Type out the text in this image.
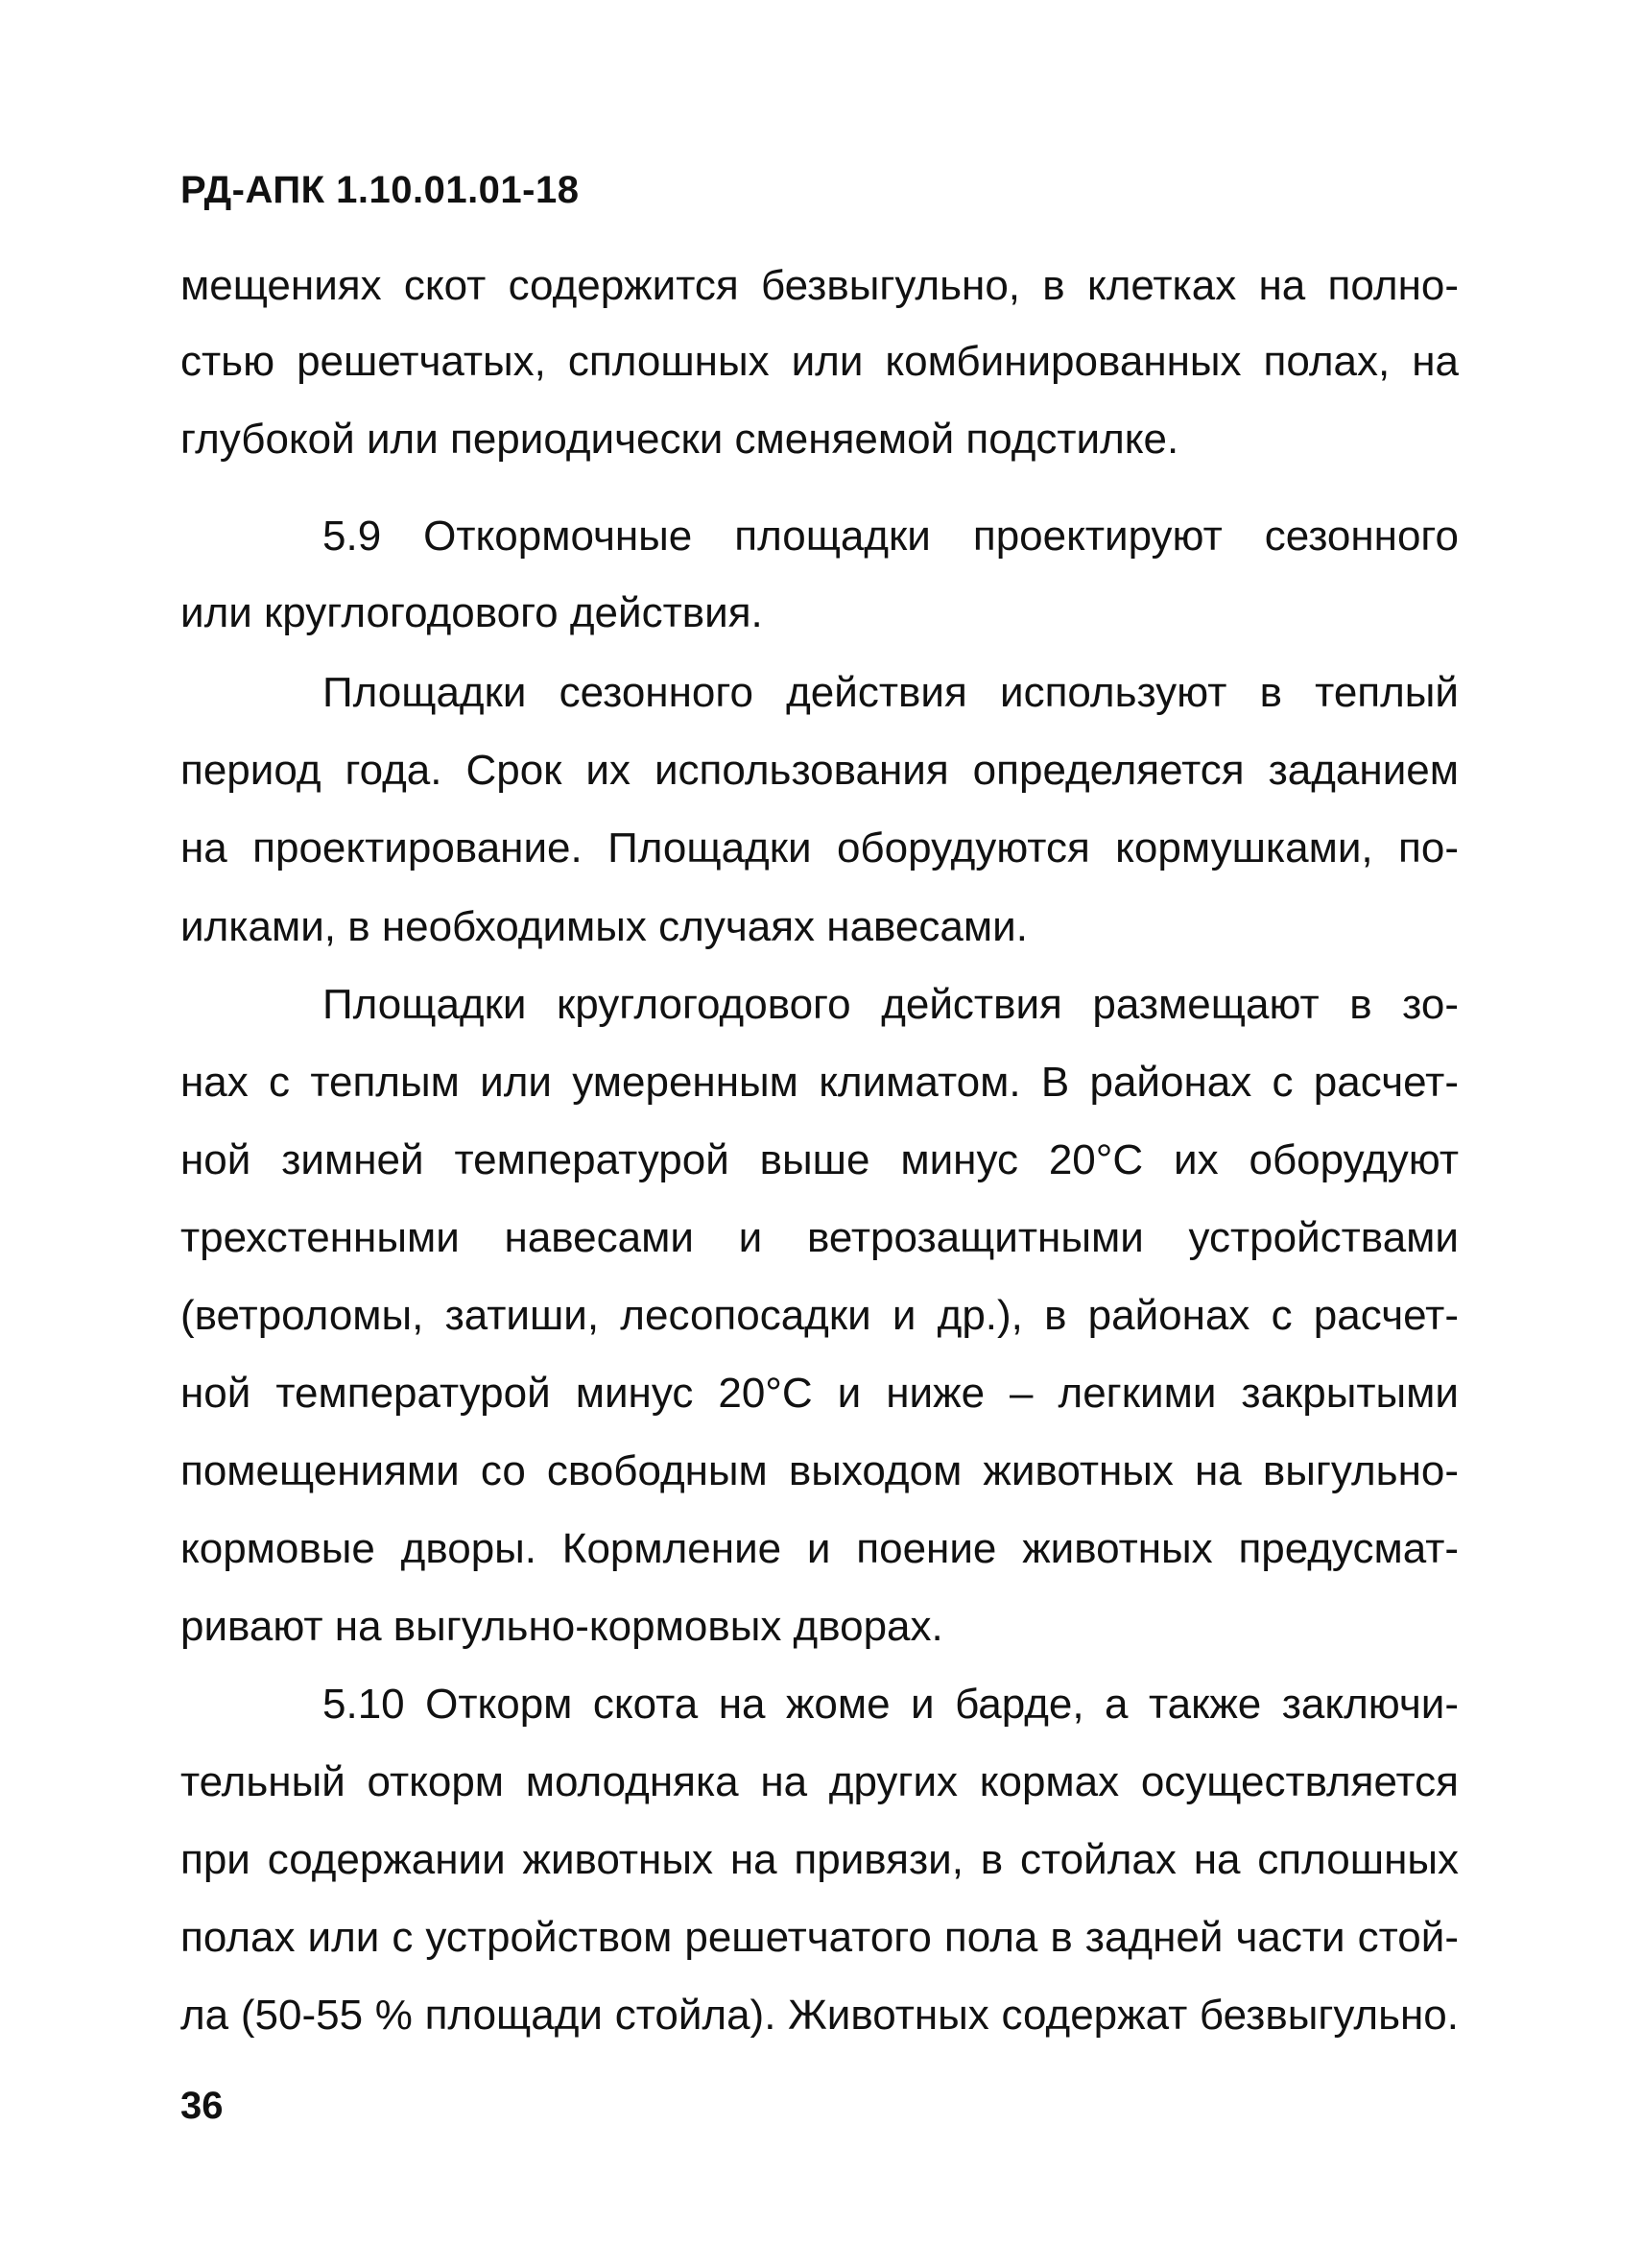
РД-АПК 1.10.01.01-18
мещениях скот содержится безвыгульно, в клетках на полно-
стью решетчатых, сплошных или комбинированных полах, на
глубокой или периодически сменяемой подстилке.
5.9 Откормочные площадки проектируют сезонного
или круглогодового действия.
Площадки сезонного действия используют в теплый
период года. Срок их использования определяется заданием
на проектирование. Площадки оборудуются кормушками, по-
илками, в необходимых случаях навесами.
Площадки круглогодового действия размещают в зо-
нах с теплым или умеренным климатом. В районах с расчет-
ной зимней температурой выше минус 20°С их оборудуют
трехстенными навесами и ветрозащитными устройствами
(ветроломы, затиши, лесопосадки и др.), в районах с расчет-
ной температурой минус 20°С и ниже – легкими закрытыми
помещениями со свободным выходом животных на выгульно-
кормовые дворы. Кормление и поение животных предусмат-
ривают на выгульно-кормовых дворах.
5.10 Откорм скота на жоме и барде, а также заключи-
тельный откорм молодняка на других кормах осуществляется
при содержании животных на привязи, в стойлах на сплошных
полах или с устройством решетчатого пола в задней части стой-
ла (50-55 % площади стойла). Животных содержат безвыгульно.
36
